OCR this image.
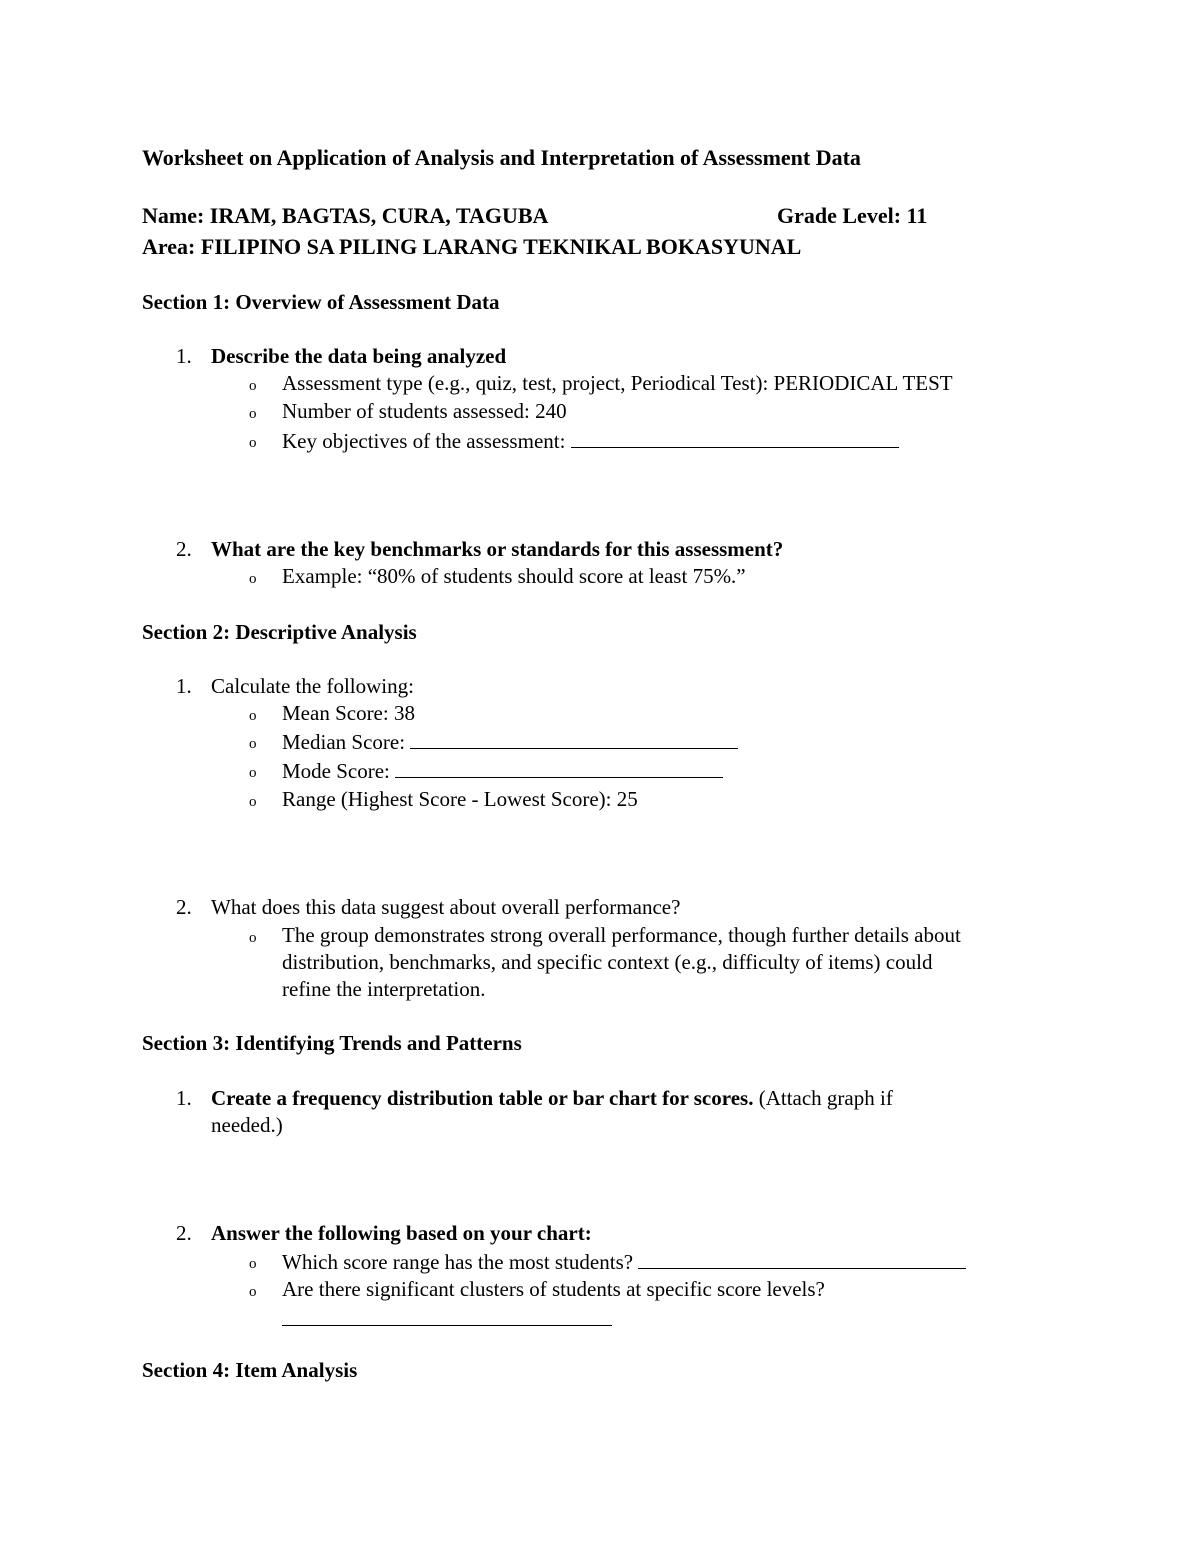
Worksheet on Application of Analysis and Interpretation of Assessment Data
Name: IRAM, BAGTAS, CURA, TAGUBA	Grade Level: 11
Area: FILIPINO SA PILING LARANG TEKNIKAL BOKASYUNAL
Section 1: Overview of Assessment Data
1. Describe the data being analyzed
o Assessment type (e.g., quiz, test, project, Periodical Test): PERIODICAL TEST
o Number of students assessed: 240
o Key objectives of the assessment:
2. What are the key benchmarks or standards for this assessment?
o Example: “80% of students should score at least 75%.”
Section 2: Descriptive Analysis
1. Calculate the following:
o Mean Score: 38
o Median Score:
o Mode Score:
o Range (Highest Score - Lowest Score): 25
2. What does this data suggest about overall performance?
o The group demonstrates strong overall performance, though further details about
distribution, benchmarks, and specific context (e.g., difficulty of items) could
refine the interpretation.
Section 3: Identifying Trends and Patterns
1. Create a frequency distribution table or bar chart for scores. (Attach graph if
needed.)
2. Answer the following based on your chart:
o Which score range has the most students?
o Are there significant clusters of students at specific score levels?
Section 4: Item Analysis
